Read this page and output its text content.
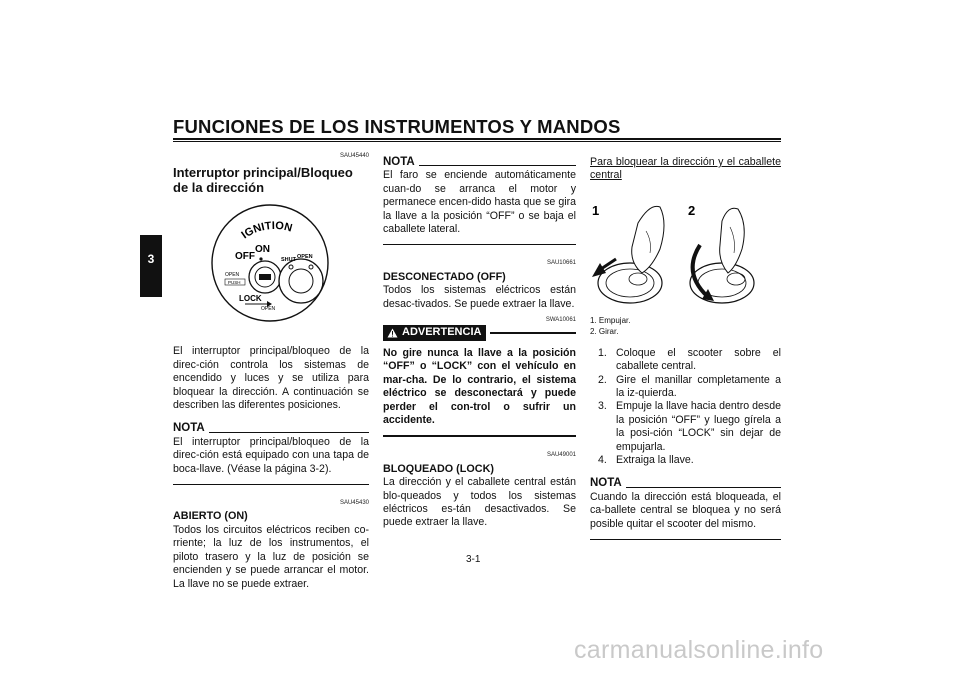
FUNCIONES DE LOS INSTRUMENTOS Y MANDOS
3
SAU45440
Interruptor principal/Bloqueo de la dirección
IGNITION
OFF
ON
SHUT OPEN
OPEN
PUSH
LOCK
OPEN
El interruptor principal/bloqueo de la direc-ción controla los sistemas de encendido y luces y se utiliza para bloquear la dirección. A continuación se describen las diferentes posiciones.
NOTA
El interruptor principal/bloqueo de la direc-ción está equipado con una tapa de boca-llave. (Véase la página 3-2).
SAU45430
ABIERTO (ON)
Todos los circuitos eléctricos reciben co-rriente; la luz de los instrumentos, el piloto trasero y la luz de posición se encienden y se puede arrancar el motor. La llave no se puede extraer.
NOTA
El faro se enciende automáticamente cuan-do se arranca el motor y permanece encen-dido hasta que se gira la llave a la posición “OFF” o se baja el caballete lateral.
SAU10661
DESCONECTADO (OFF)
Todos los sistemas eléctricos están desac-tivados. Se puede extraer la llave.
SWA10061
ADVERTENCIA
No gire nunca la llave a la posición “OFF” o “LOCK” con el vehículo en mar-cha. De lo contrario, el sistema eléctrico se desconectará y puede perder el con-trol o sufrir un accidente.
SAU49001
BLOQUEADO (LOCK)
La dirección y el caballete central están blo-queados y todos los sistemas eléctricos es-tán desactivados. Se puede extraer la llave.
Para bloquear la dirección y el caballete central
1	2
1. Empujar.
2. Girar.
1. Coloque el scooter sobre el caballete central.
2. Gire el manillar completamente a la iz-quierda.
3. Empuje la llave hacia dentro desde la posición “OFF” y luego gírela a la posi-ción “LOCK” sin dejar de empujarla.
4. Extraiga la llave.
NOTA
Cuando la dirección está bloqueada, el ca-ballete central se bloquea y no será posible quitar el scooter del mismo.
3-1
carmanualsonline.info
